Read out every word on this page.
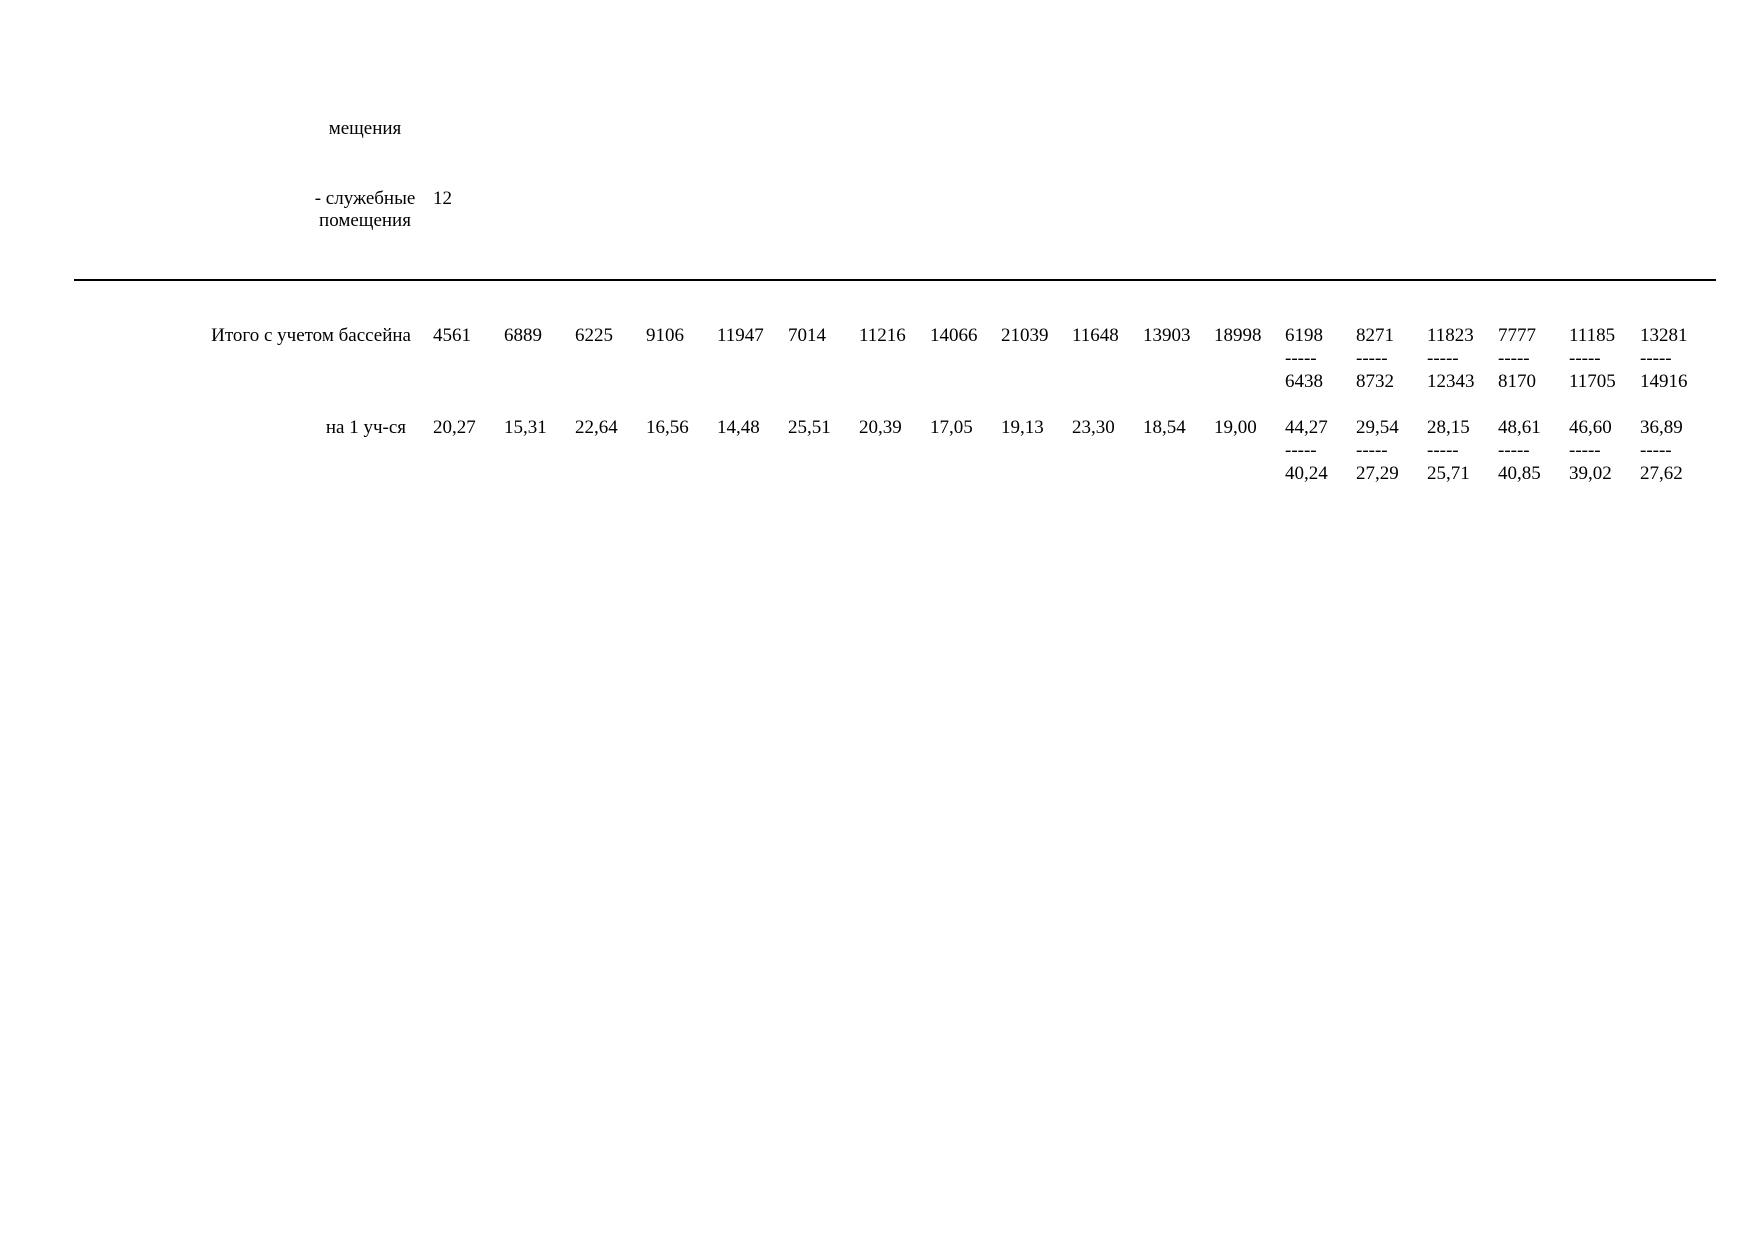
мещения
- служебные
помещения
12
Итого с учетом бассейна 4561 6889 6225 9106 11947 7014 11216 14066 21039 11648 13903 18998 6198
-----
6438
8271
-----
8732
11823
-----
12343
7777
-----
8170
11185
-----
11705
13281
-----
14916
на 1 уч-ся 20,27 15,31 22,64 16,56 14,48 25,51 20,39 17,05 19,13 23,30 18,54 19,00 44,27
-----
40,24
29,54
-----
27,29
28,15
-----
25,71
48,61
-----
40,85
46,60
-----
39,02
36,89
-----
27,62
